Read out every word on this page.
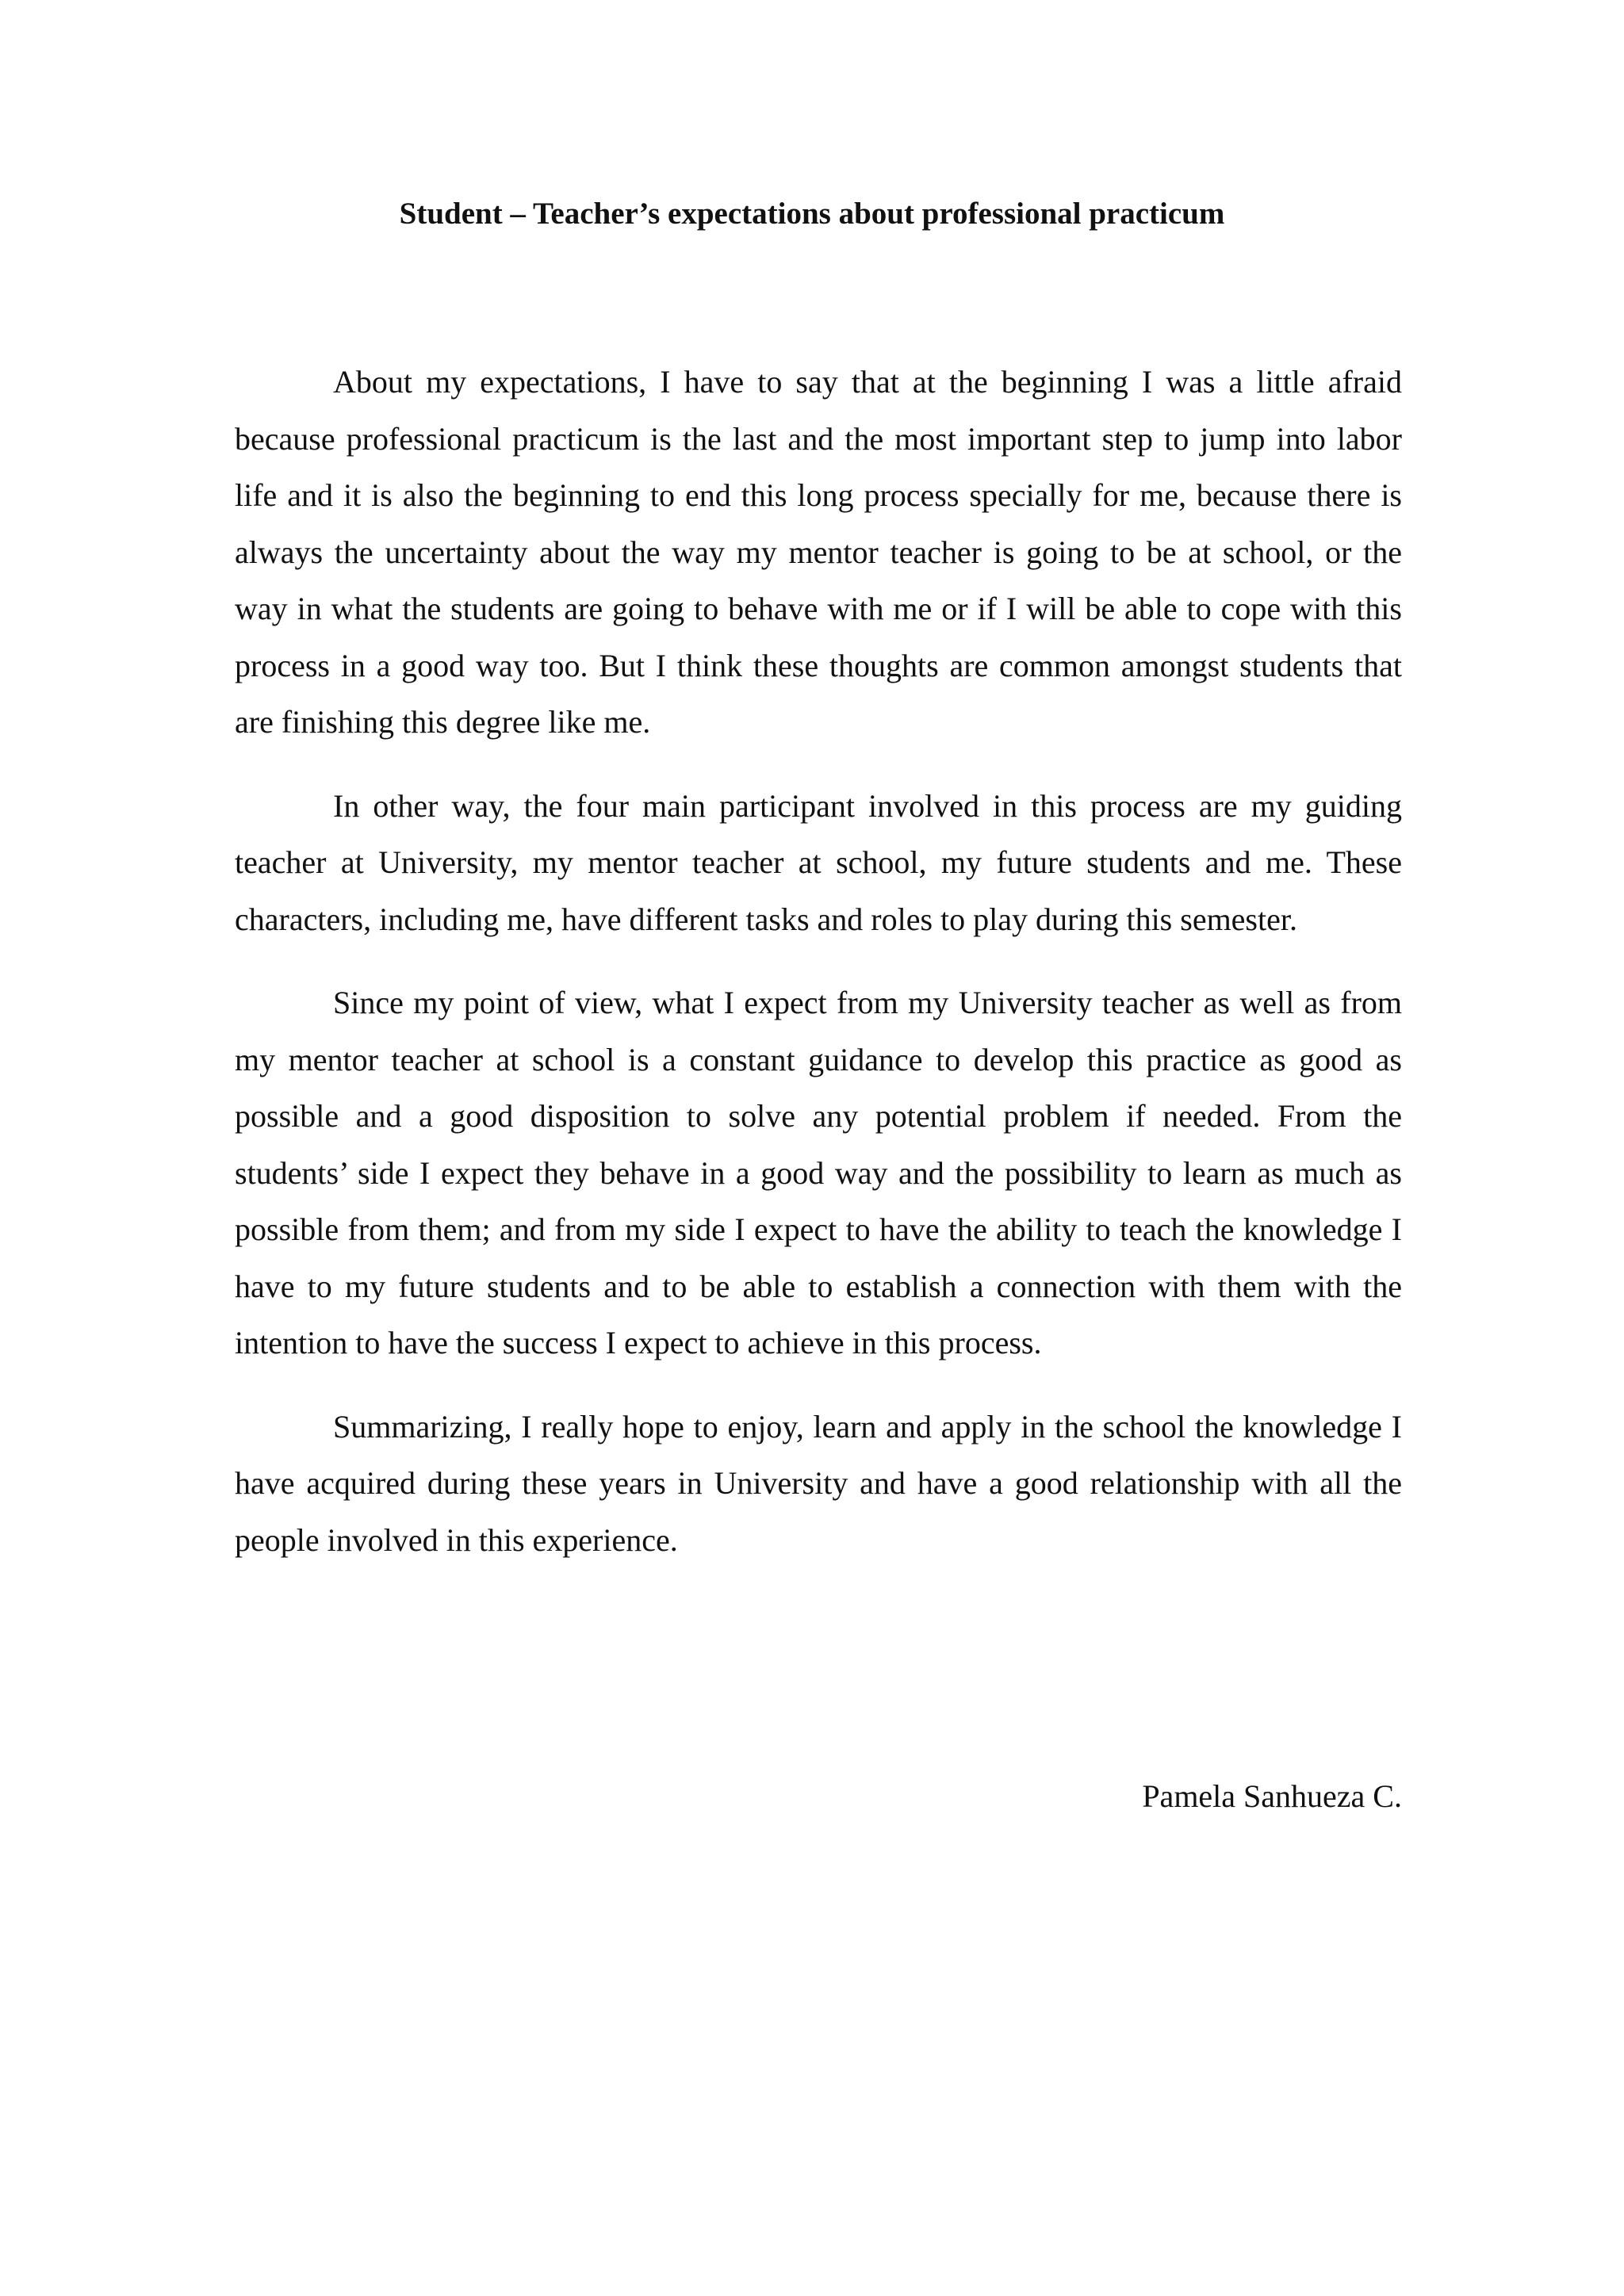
Student – Teacher’s expectations about professional practicum

About my expectations, I have to say that at the beginning I was a little afraid because professional practicum is the last and the most important step to jump into labor life and it is also the beginning to end this long process specially for me, because there is always the uncertainty about the way my mentor teacher is going to be at school, or the way in what the students are going to behave with me or if I will be able to cope with this process in a good way too. But I think these thoughts are common amongst students that are finishing this degree like me.

In other way, the four main participant involved in this process are my guiding teacher at University, my mentor teacher at school, my future students and me. These characters, including me, have different tasks and roles to play during this semester.

Since my point of view, what I expect from my University teacher as well as from my mentor teacher at school is a constant guidance to develop this practice as good as possible and a good disposition to solve any potential problem if needed. From the students’ side I expect they behave in a good way and the possibility to learn as much as possible from them; and from my side I expect to have the ability to teach the knowledge I have to my future students and to be able to establish a connection with them with the intention to have the success I expect to achieve in this process.

Summarizing, I really hope to enjoy, learn and apply in the school the knowledge I have acquired during these years in University and have a good relationship with all the people involved in this experience.

Pamela Sanhueza C.
